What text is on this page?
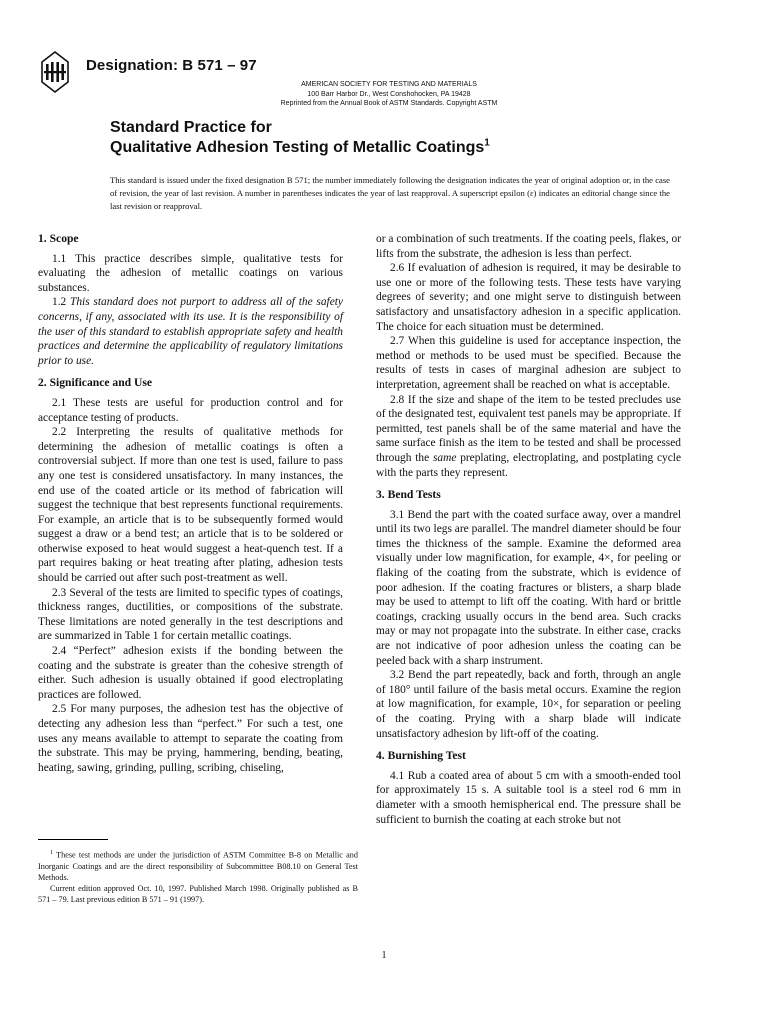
Designation: B 571 – 97
AMERICAN SOCIETY FOR TESTING AND MATERIALS
100 Barr Harbor Dr., West Conshohocken, PA 19428
Reprinted from the Annual Book of ASTM Standards. Copyright ASTM
Standard Practice for
Qualitative Adhesion Testing of Metallic Coatings$^1$
This standard is issued under the fixed designation B 571; the number immediately following the designation indicates the year of original adoption or, in the case of revision, the year of last revision. A number in parentheses indicates the year of last reapproval. A superscript epsilon (ε) indicates an editorial change since the last revision or reapproval.
1. Scope

1.1 This practice describes simple, qualitative tests for evaluating the adhesion of metallic coatings on various substances.

1.2 This standard does not purport to address all of the safety concerns, if any, associated with its use. It is the responsibility of the user of this standard to establish appropriate safety and health practices and determine the applicability of regulatory limitations prior to use.

2. Significance and Use

2.1 These tests are useful for production control and for acceptance testing of products.

2.2 Interpreting the results of qualitative methods for determining the adhesion of metallic coatings is often a controversial subject. If more than one test is used, failure to pass any one test is considered unsatisfactory. In many instances, the end use of the coated article or its method of fabrication will suggest the technique that best represents functional requirements. For example, an article that is to be subsequently formed would suggest a draw or a bend test; an article that is to be soldered or otherwise exposed to heat would suggest a heat-quench test. If a part requires baking or heat treating after plating, adhesion tests should be carried out after such post-treatment as well.

2.3 Several of the tests are limited to specific types of coatings, thickness ranges, ductilities, or compositions of the substrate. These limitations are noted generally in the test descriptions and are summarized in Table 1 for certain metallic coatings.

2.4 “Perfect” adhesion exists if the bonding between the coating and the substrate is greater than the cohesive strength of either. Such adhesion is usually obtained if good electroplating practices are followed.

2.5 For many purposes, the adhesion test has the objective of detecting any adhesion less than “perfect.” For such a test, one uses any means available to attempt to separate the coating from the substrate. This may be prying, hammering, bending, beating, heating, sawing, grinding, pulling, scribing, chiseling,

or a combination of such treatments. If the coating peels, flakes, or lifts from the substrate, the adhesion is less than perfect.

2.6 If evaluation of adhesion is required, it may be desirable to use one or more of the following tests. These tests have varying degrees of severity; and one might serve to distinguish between satisfactory and unsatisfactory adhesion in a specific application. The choice for each situation must be determined.

2.7 When this guideline is used for acceptance inspection, the method or methods to be used must be specified. Because the results of tests in cases of marginal adhesion are subject to interpretation, agreement shall be reached on what is acceptable.

2.8 If the size and shape of the item to be tested precludes use of the designated test, equivalent test panels may be appropriate. If permitted, test panels shall be of the same material and have the same surface finish as the item to be tested and shall be processed through the same preplating, electroplating, and postplating cycle with the parts they represent.

3. Bend Tests

3.1 Bend the part with the coated surface away, over a mandrel until its two legs are parallel. The mandrel diameter should be four times the thickness of the sample. Examine the deformed area visually under low magnification, for example, 4×, for peeling or flaking of the coating from the substrate, which is evidence of poor adhesion. If the coating fractures or blisters, a sharp blade may be used to attempt to lift off the coating. With hard or brittle coatings, cracking usually occurs in the bend area. Such cracks may or may not propagate into the substrate. In either case, cracks are not indicative of poor adhesion unless the coating can be peeled back with a sharp instrument.

3.2 Bend the part repeatedly, back and forth, through an angle of 180° until failure of the basis metal occurs. Examine the region at low magnification, for example, 10×, for separation or peeling of the coating. Prying with a sharp blade will indicate unsatisfactory adhesion by lift-off of the coating.

4. Burnishing Test

4.1 Rub a coated area of about 5 cm with a smooth-ended tool for approximately 15 s. A suitable tool is a steel rod 6 mm in diameter with a smooth hemispherical end. The pressure shall be sufficient to burnish the coating at each stroke but not

$^1$ These test methods are under the jurisdiction of ASTM Committee B-8 on Metallic and Inorganic Coatings and are the direct responsibility of Subcommittee B08.10 on General Test Methods.

Current edition approved Oct. 10, 1997. Published March 1998. Originally published as B 571 – 79. Last previous edition B 571 – 91 (1997).

1
